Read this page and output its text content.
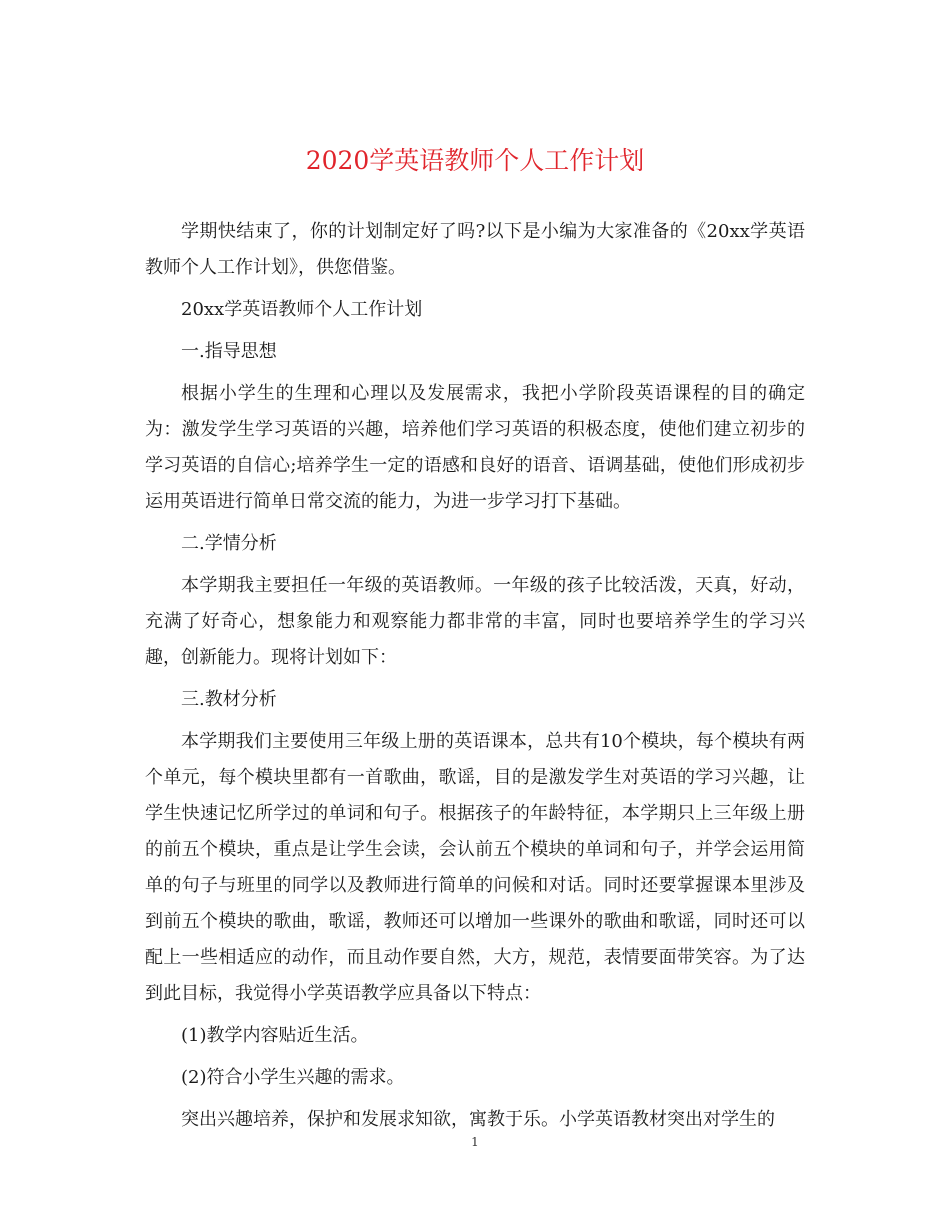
2020学英语教师个人工作计划

学期快结束了，你的计划制定好了吗?以下是小编为大家准备的《20xx学英语教师个人工作计划》，供您借鉴。

20xx学英语教师个人工作计划

一.指导思想

根据小学生的生理和心理以及发展需求，我把小学阶段英语课程的目的确定为：激发学生学习英语的兴趣，培养他们学习英语的积极态度，使他们建立初步的学习英语的自信心;培养学生一定的语感和良好的语音、语调基础，使他们形成初步运用英语进行简单日常交流的能力，为进一步学习打下基础。

二.学情分析

本学期我主要担任一年级的英语教师。一年级的孩子比较活泼，天真，好动，充满了好奇心，想象能力和观察能力都非常的丰富，同时也要培养学生的学习兴趣，创新能力。现将计划如下：

三.教材分析

本学期我们主要使用三年级上册的英语课本，总共有10个模块，每个模块有两个单元，每个模块里都有一首歌曲，歌谣，目的是激发学生对英语的学习兴趣，让学生快速记忆所学过的单词和句子。根据孩子的年龄特征，本学期只上三年级上册的前五个模块，重点是让学生会读，会认前五个模块的单词和句子，并学会运用简单的句子与班里的同学以及教师进行简单的问候和对话。同时还要掌握课本里涉及到前五个模块的歌曲，歌谣，教师还可以增加一些课外的歌曲和歌谣，同时还可以配上一些相适应的动作，而且动作要自然，大方，规范，表情要面带笑容。为了达到此目标，我觉得小学英语教学应具备以下特点：

(1)教学内容贴近生活。

(2)符合小学生兴趣的需求。

突出兴趣培养，保护和发展求知欲，寓教于乐。小学英语教材突出对学生的

1
